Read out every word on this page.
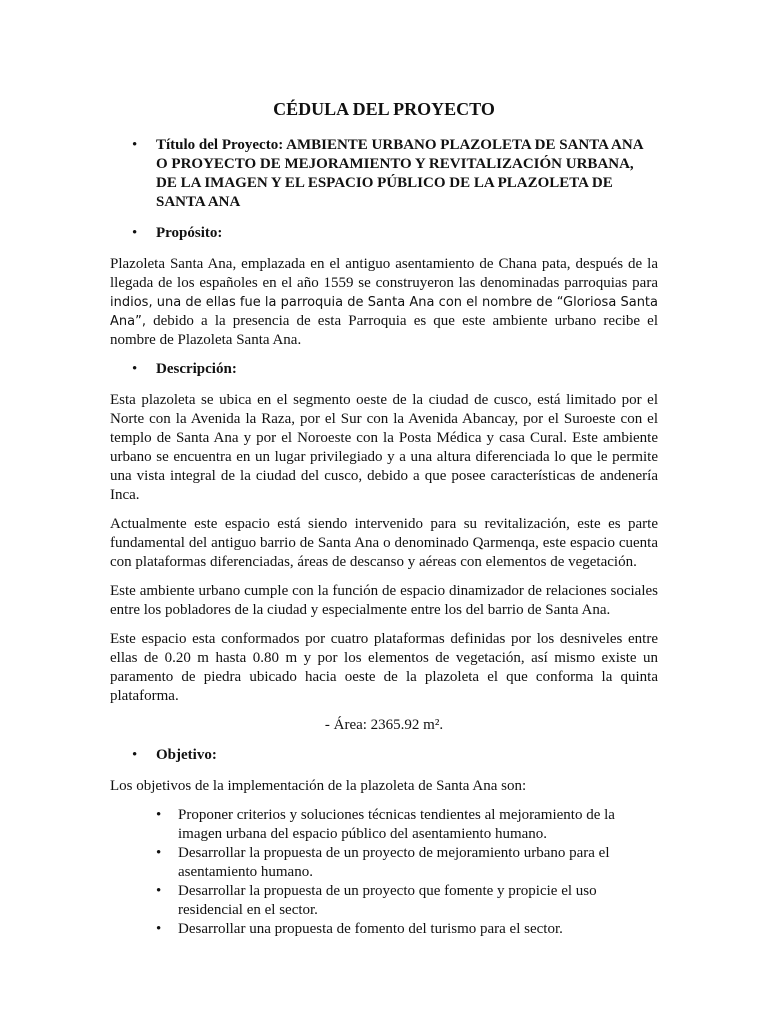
CÉDULA DEL PROYECTO
• Título del Proyecto: AMBIENTE URBANO PLAZOLETA DE SANTA ANA O PROYECTO DE MEJORAMIENTO Y REVITALIZACIÓN URBANA, DE LA IMAGEN Y EL ESPACIO PÚBLICO DE LA PLAZOLETA DE SANTA ANA
• Propósito:

Plazoleta Santa Ana, emplazada en el antiguo asentamiento de Chana pata, después de la llegada de los españoles en el año 1559 se construyeron las denominadas parroquias para indios, una de ellas fue la parroquia de Santa Ana con el nombre de “Gloriosa Santa Ana”, debido a la presencia de esta Parroquia es que este ambiente urbano recibe el nombre de Plazoleta Santa Ana.

• Descripción:

Esta plazoleta se ubica en el segmento oeste de la ciudad de cusco, está limitado por el Norte con la Avenida la Raza, por el Sur con la Avenida Abancay, por el Suroeste con el templo de Santa Ana y por el Noroeste con la Posta Médica y casa Cural. Este ambiente urbano se encuentra en un lugar privilegiado y a una altura diferenciada lo que le permite una vista integral de la ciudad del cusco, debido a que posee características de andenería Inca.

Actualmente este espacio está siendo intervenido para su revitalización, este es parte fundamental del antiguo barrio de Santa Ana o denominado Qarmenqa, este espacio cuenta con plataformas diferenciadas, áreas de descanso y aéreas con elementos de vegetación.

Este ambiente urbano cumple con la función de espacio dinamizador de relaciones sociales entre los pobladores de la ciudad y especialmente entre los del barrio de Santa Ana.

Este espacio esta conformados por cuatro plataformas definidas por los desniveles entre ellas de 0.20 m hasta 0.80 m y por los elementos de vegetación, así mismo existe un paramento de piedra ubicado hacia oeste de la plazoleta el que conforma la quinta plataforma.

- Área: 2365.92 m².
• Objetivo:

Los objetivos de la implementación de la plazoleta de Santa Ana son:

• Proponer criterios y soluciones técnicas tendientes al mejoramiento de la imagen urbana del espacio público del asentamiento humano.
• Desarrollar la propuesta de un proyecto de mejoramiento urbano para el asentamiento humano.
• Desarrollar la propuesta de un proyecto que fomente y propicie el uso residencial en el sector.
• Desarrollar una propuesta de fomento del turismo para el sector.
